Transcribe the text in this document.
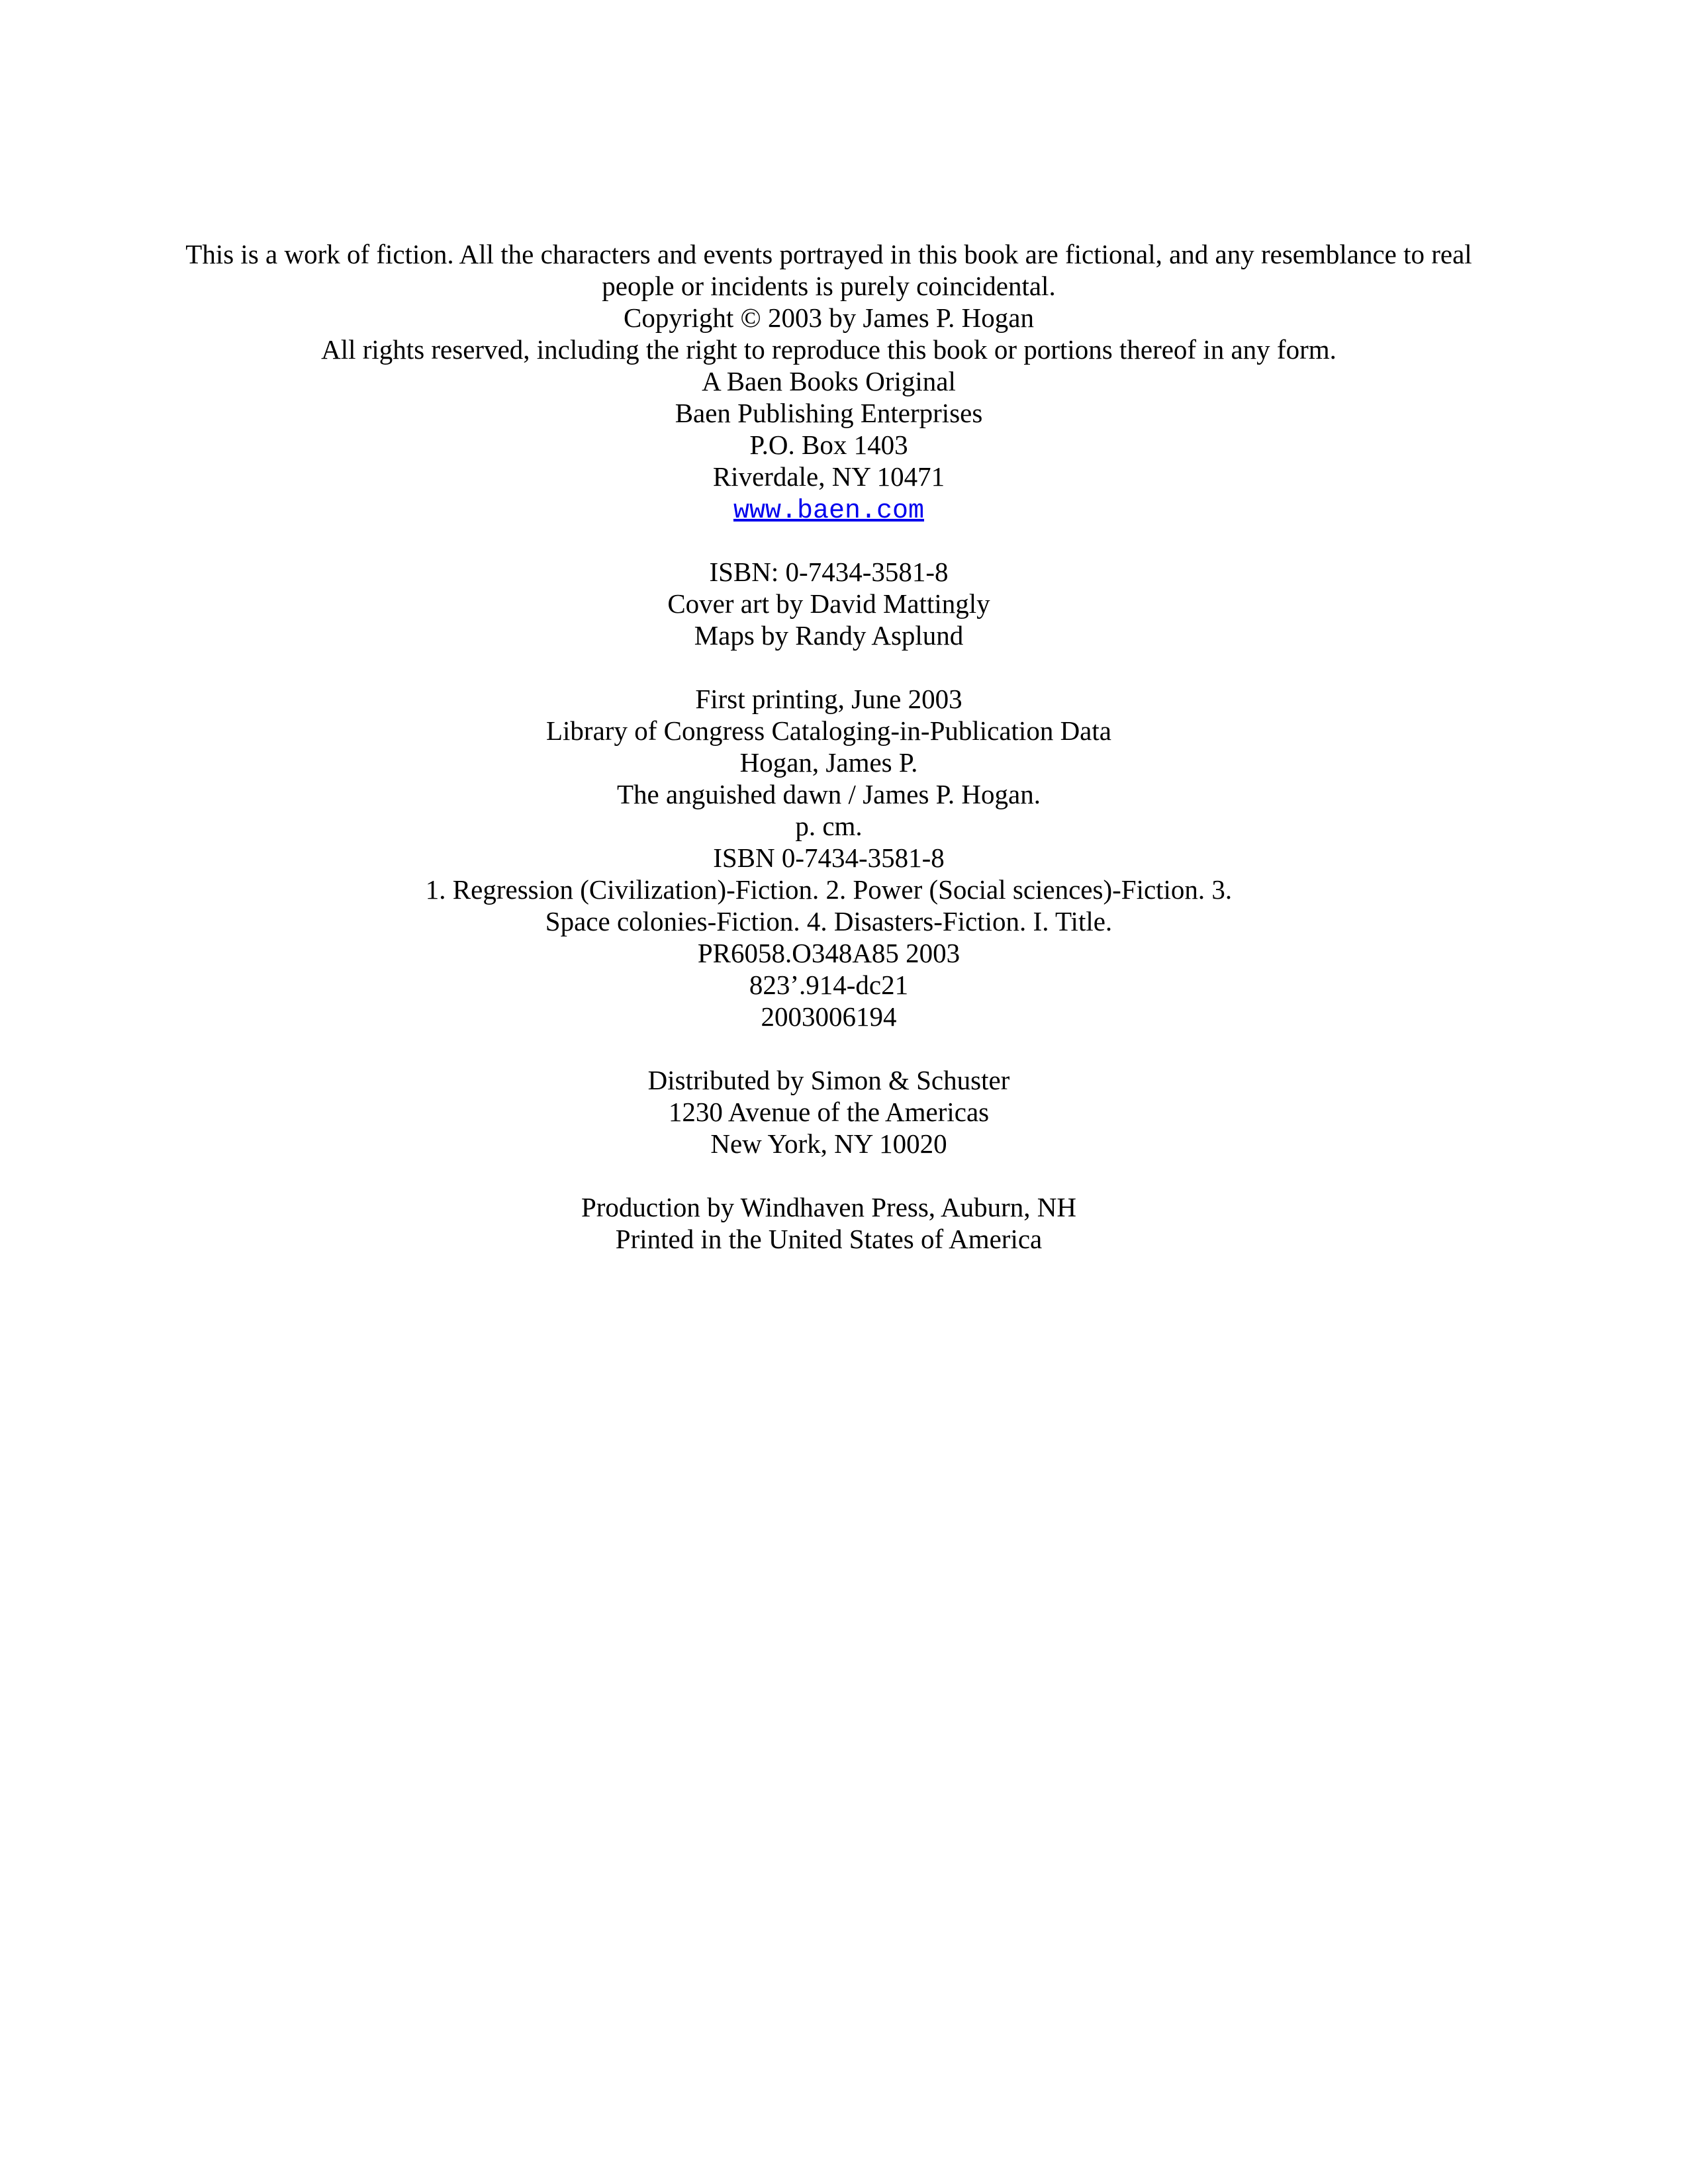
This is a work of fiction. All the characters and events portrayed in this book are fictional, and any resemblance to real
people or incidents is purely coincidental.
Copyright © 2003 by James P. Hogan
All rights reserved, including the right to reproduce this book or portions thereof in any form.
A Baen Books Original
Baen Publishing Enterprises
P.O. Box 1403
Riverdale, NY 10471
www.baen.com
ISBN: 0-7434-3581-8
Cover art by David Mattingly
Maps by Randy Asplund
First printing, June 2003
Library of Congress Cataloging-in-Publication Data
Hogan, James P.
The anguished dawn / James P. Hogan.
p. cm.
ISBN 0-7434-3581-8
1. Regression (Civilization)-Fiction. 2. Power (Social sciences)-Fiction. 3.
Space colonies-Fiction. 4. Disasters-Fiction. I. Title.
PR6058.O348A85 2003
823’.914-dc21
2003006194
Distributed by Simon & Schuster
1230 Avenue of the Americas
New York, NY 10020
Production by Windhaven Press, Auburn, NH
Printed in the United States of America
